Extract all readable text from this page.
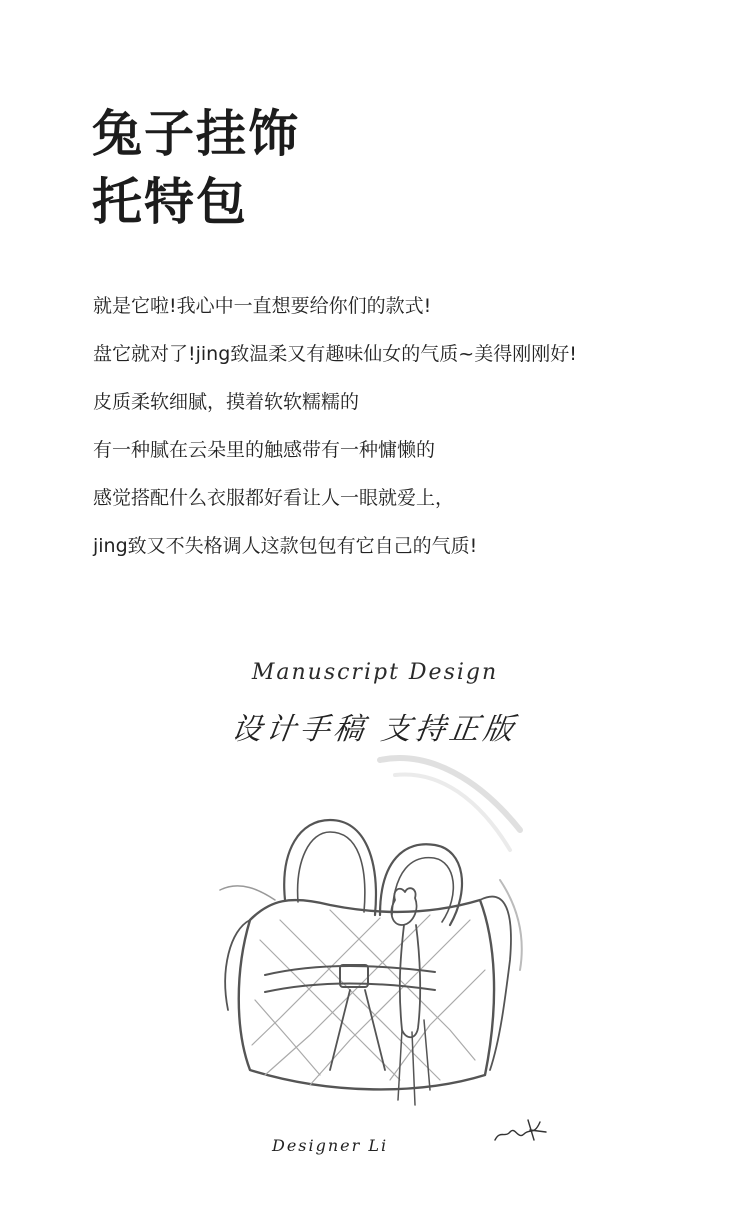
兔子挂饰
托特包
就是它啦!我心中一直想要给你们的款式!
盘它就对了!jing致温柔又有趣味仙女的气质~美得刚刚好!
皮质柔软细腻，摸着软软糯糯的
有一种腻在云朵里的触感带有一种慵懒的
感觉搭配什么衣服都好看让人一眼就爱上，
jing致又不失格调人这款包包有它自己的气质!
Manuscript Design
设计手稿 支持正版
Designer Li
